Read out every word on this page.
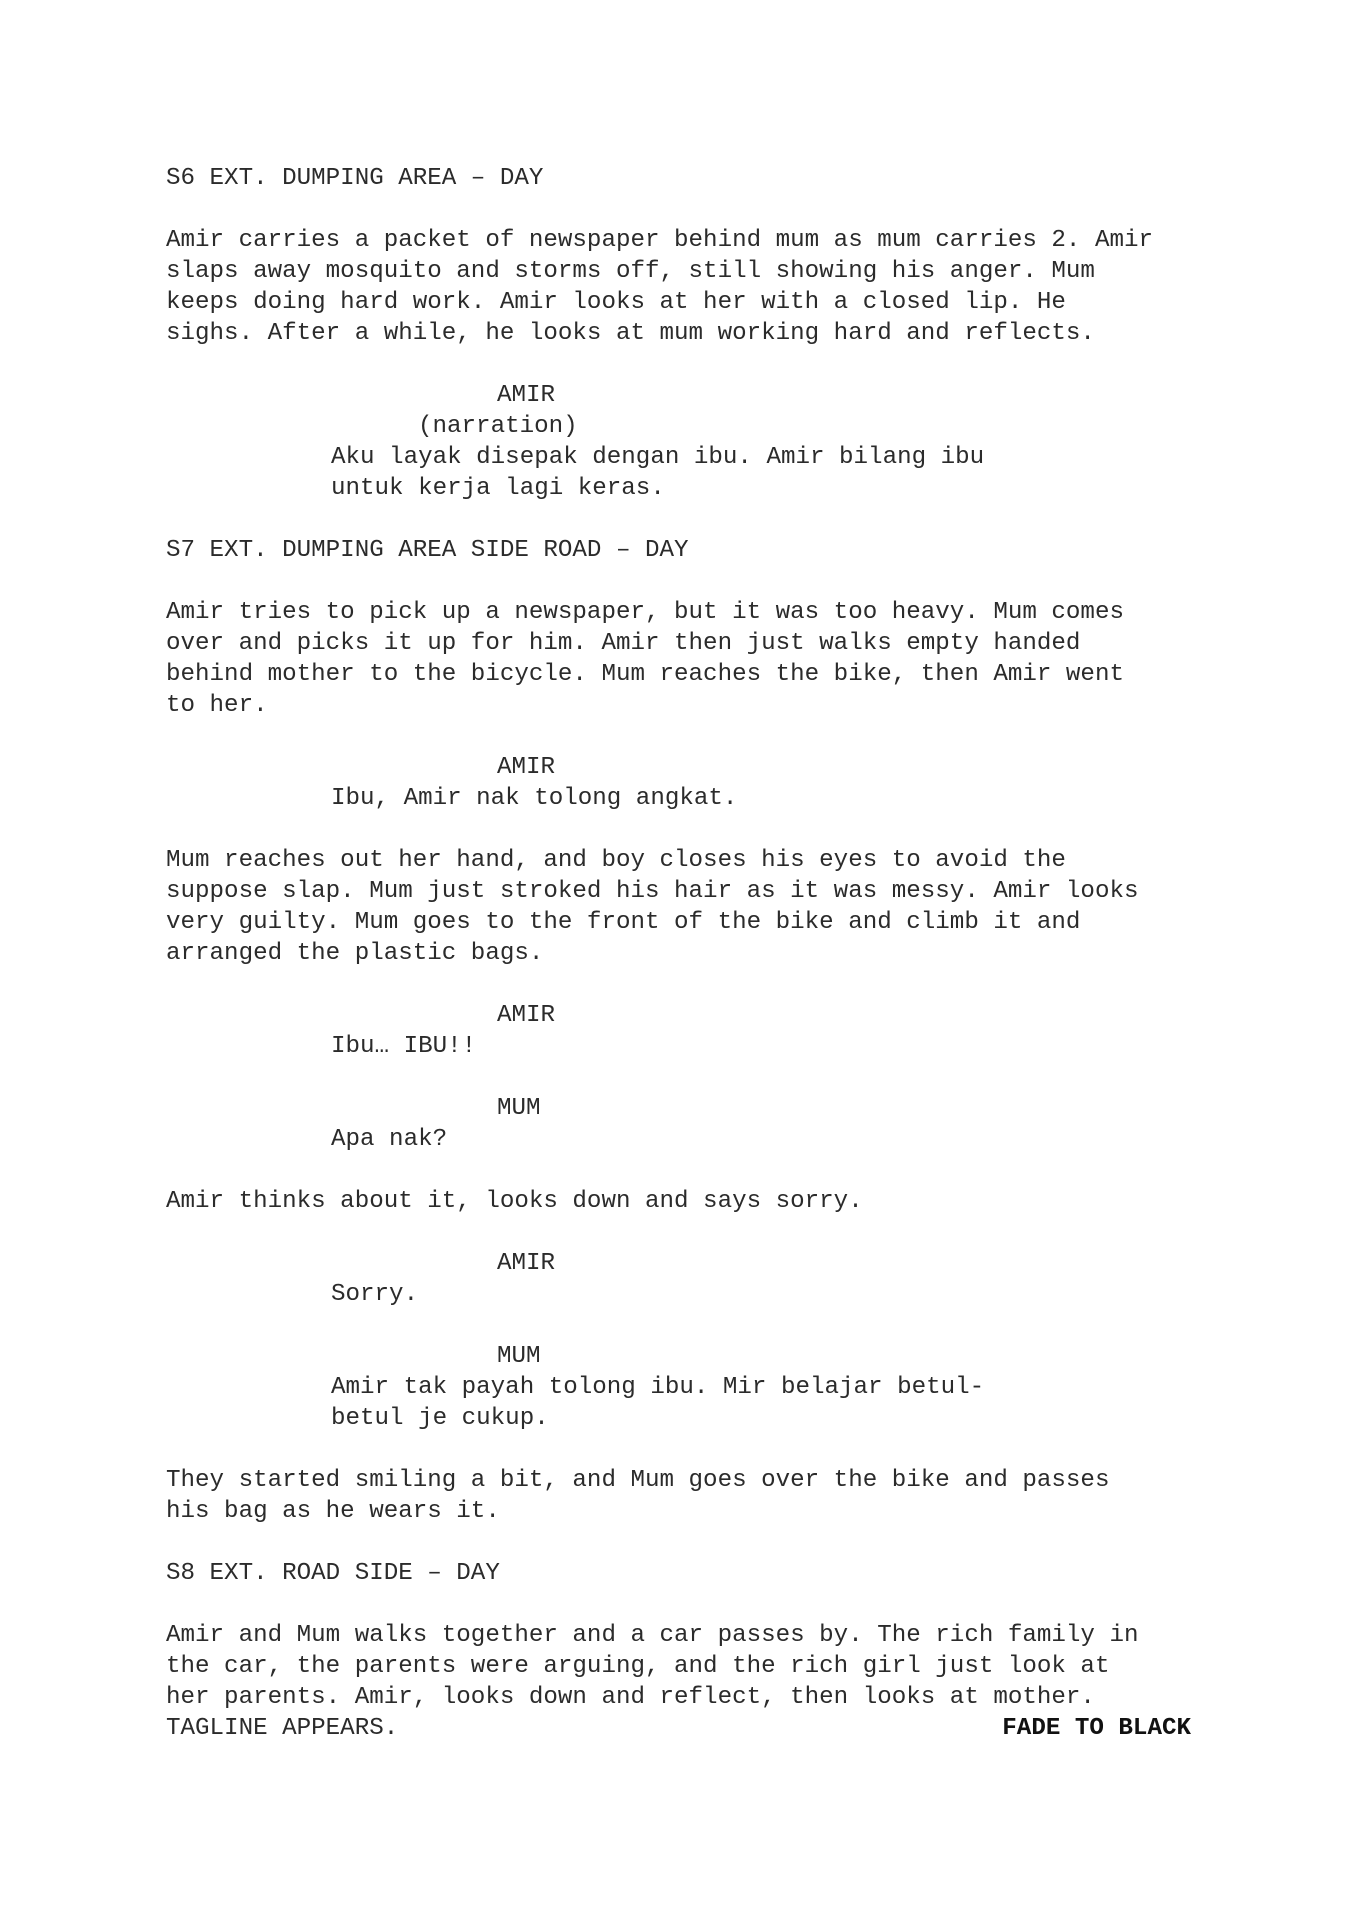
S6 EXT. DUMPING AREA – DAY
Amir carries a packet of newspaper behind mum as mum carries 2. Amir
slaps away mosquito and storms off, still showing his anger. Mum
keeps doing hard work. Amir looks at her with a closed lip. He
sighs. After a while, he looks at mum working hard and reflects.
AMIR
(narration)
Aku layak disepak dengan ibu. Amir bilang ibu
untuk kerja lagi keras.
S7 EXT. DUMPING AREA SIDE ROAD – DAY
Amir tries to pick up a newspaper, but it was too heavy. Mum comes
over and picks it up for him. Amir then just walks empty handed
behind mother to the bicycle. Mum reaches the bike, then Amir went
to her.
AMIR
Ibu, Amir nak tolong angkat.
Mum reaches out her hand, and boy closes his eyes to avoid the
suppose slap. Mum just stroked his hair as it was messy. Amir looks
very guilty. Mum goes to the front of the bike and climb it and
arranged the plastic bags.
AMIR
Ibu… IBU!!
MUM
Apa nak?
Amir thinks about it, looks down and says sorry.
AMIR
Sorry.
MUM
Amir tak payah tolong ibu. Mir belajar betul-
betul je cukup.
They started smiling a bit, and Mum goes over the bike and passes
his bag as he wears it.
S8 EXT. ROAD SIDE – DAY
Amir and Mum walks together and a car passes by. The rich family in
the car, the parents were arguing, and the rich girl just look at
her parents. Amir, looks down and reflect, then looks at mother.
TAGLINE APPEARS.	FADE TO BLACK
